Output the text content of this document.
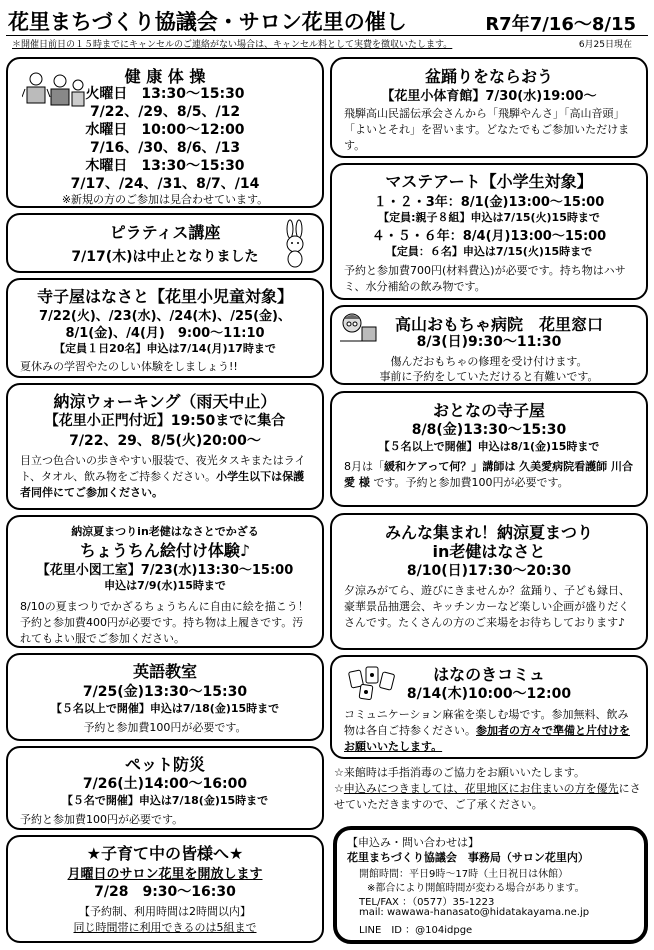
花里まちづくり協議会・サロン花里の催し	R7年7/16～8/15
＊開催日前日の１５時までにキャンセルのご連絡がない場合は、キャンセル料として実費を徴収いたします。	6月25日現在
健 康 体 操
火曜日　13:30～15:30
7/22、/29、8/5、/12
水曜日　10:00～12:00
7/16、/30、8/6、/13
木曜日　13:30～15:30
7/17、/24、/31、8/7、/14
※新規の方のご参加は見合わせています。
ピラティス講座
7/17(木)は中止となりました
寺子屋はなさと【花里小児童対象】
7/22(火)、/23(水)、/24(木)、/25(金)、
8/1(金)、/4(月)　9:00～11:10
【定員１日20名】申込は7/14(月)17時まで
夏休みの学習やたのしい体験をしましょう!!
納涼ウォーキング（雨天中止）
【花里小正門付近】19:50までに集合
7/22、29、8/5(火)20:00～
目立つ色合いの歩きやすい服装で、夜光タスキまたはライト、タオル、飲み物をご持参ください。小学生以下は保護者同伴にてご参加ください。
納涼夏まつりin老健はなさとでかざる
ちょうちん絵付け体験♪
【花里小図工室】7/23(水)13:30～15:00
申込は7/9(水)15時まで
8/10の夏まつりでかざるちょうちんに自由に絵を描こう！予約と参加費400円が必要です。持ち物は上履きです。汚れてもよい服でご参加ください。
英語教室
7/25(金)13:30～15:30
【５名以上で開催】申込は7/18(金)15時まで
予約と参加費100円が必要です。
ペット防災
7/26(土)14:00～16:00
【５名で開催】申込は7/18(金)15時まで
予約と参加費100円が必要です。
★子育て中の皆様へ★
月曜日のサロン花里を開放します
7/28　9:30～16:30
【予約制、利用時間は2時間以内】
同じ時間帯に利用できるのは5組まで
盆踊りをならおう
【花里小体育館】7/30(水)19:00～
飛騨高山民謡伝承会さんから「飛騨やんさ」「高山音頭」「よいとそれ」を習います。どなたでもご参加いただけます。
マステアート【小学生対象】
１・２・3年：8/1(金)13:00～15:00
【定員:親子８組】申込は7/15(火)15時まで
４・５・６年：8/4(月)13:00～15:00
【定員：６名】申込は7/15(火)15時まで
予約と参加費700円(材料費込)が必要です。持ち物はハサミ、水分補給の飲み物です。
高山おもちゃ病院　花里窓口
8/3(日)9:30～11:30
傷んだおもちゃの修理を受け付けます。
事前に予約をしていただけると有難いです。
おとなの寺子屋
8/8(金)13:30～15:30
【５名以上で開催】申込は8/1(金)15時まで
8月は「緩和ケアって何？」講師は 久美愛病院看護師 川合 愛 様 です。予約と参加費100円が必要です。
みんな集まれ！納涼夏まつり
in老健はなさと
8/10(日)17:30～20:30
夕涼みがてら、遊びにきませんか？盆踊り、子ども縁日、豪華景品抽選会、キッチンカーなど楽しい企画が盛りだくさんです。たくさんの方のご来場をお待ちしております♪
はなのきコミュ
8/14(木)10:00～12:00
コミュニケーション麻雀を楽しむ場です。参加無料、飲み物は各自ご持参ください。参加者の方々で準備と片付けをお願いいたします。
☆来館時は手指消毒のご協力をお願いいたします。
☆申込みにつきましては、花里地区にお住まいの方を優先にさせていただきますので、ご了承ください。
【申込み・問い合わせは】
花里まちづくり協議会　事務局（サロン花里内）
開館時間：平日9時～17時（土日祝日は休館）
※都合により開館時間が変わる場合があります。
TEL/FAX ：（0577）35-1223
mail: wawawa-hanasato@hidatakayama.ne.jp
LINE　ID ：@104idpge
